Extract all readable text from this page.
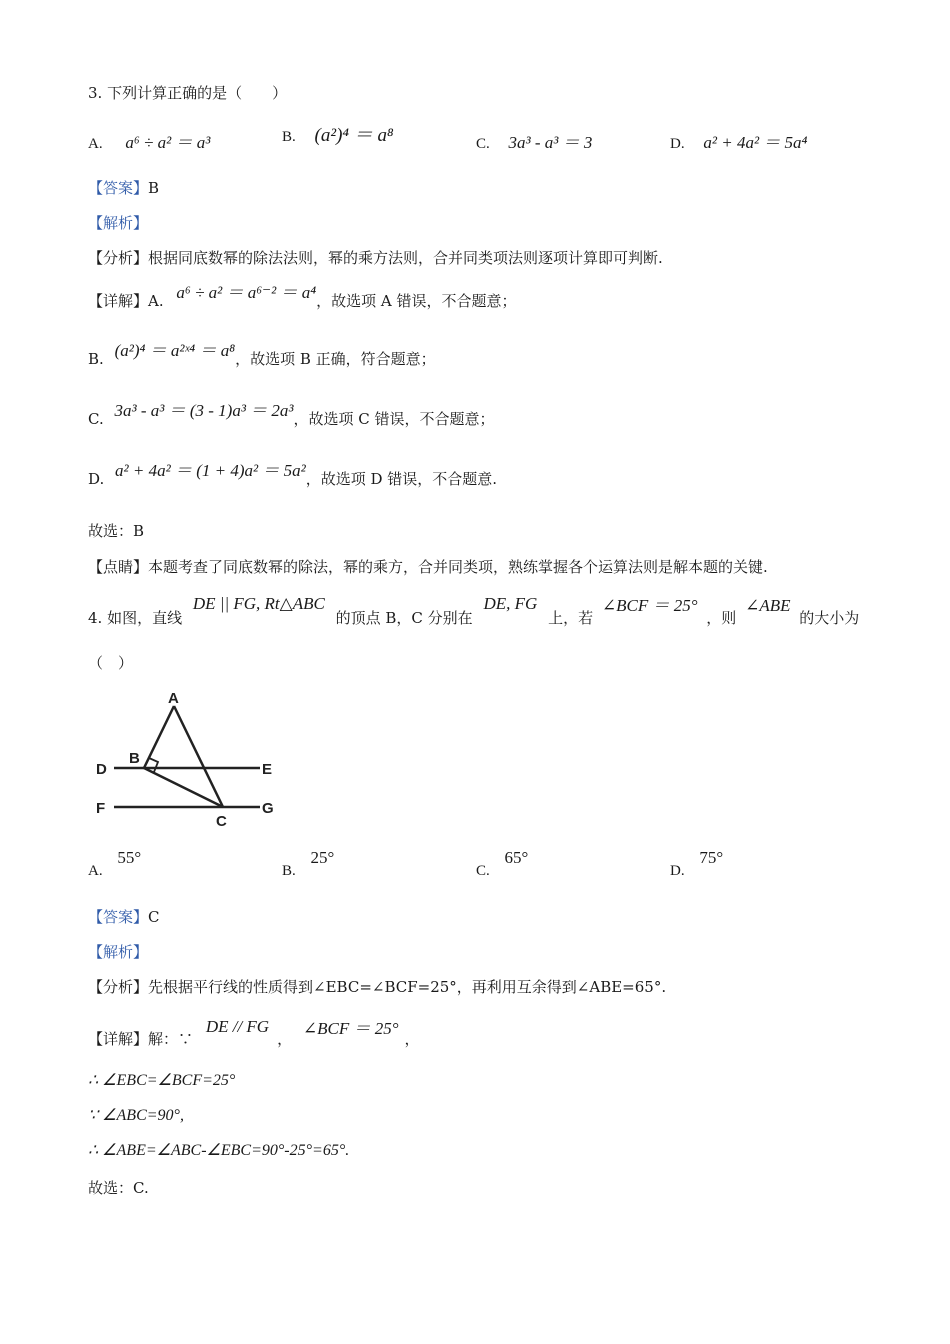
3. 下列计算正确的是（　　）
A. a⁶ ÷ a² ＝ a³	B. (a²)⁴ ＝ a⁸	C. 3a³ - a³ ＝ 3	D. a² + 4a² ＝ 5a⁴
【答案】B
【解析】
【分析】根据同底数幂的除法法则，幂的乘方法则，合并同类项法则逐项计算即可判断.
【详解】A. a⁶ ÷ a² ＝ a⁶⁻² ＝ a⁴，故选项 A 错误，不合题意；
B. (a²)⁴ ＝ a²ˣ⁴ ＝ a⁸，故选项 B 正确，符合题意；
C. 3a³ - a³ ＝ (3 - 1)a³ ＝ 2a³，故选项 C 错误，不合题意；
D. a² + 4a² ＝ (1 + 4)a² ＝ 5a²，故选项 D 错误，不合题意.
故选：B
【点睛】本题考查了同底数幂的除法，幂的乘方，合并同类项，熟练掌握各个运算法则是解本题的关键.
4. 如图，直线 DE || FG, Rt△ABC 的顶点 B，C 分别在 DE, FG 上，若 ∠BCF ＝ 25° ，则 ∠ABE 的大小为
（　）
A
B
C
D	E
F	G
A. 55°
B. 25°
C. 65°
D. 75°
【答案】C
【解析】
【分析】先根据平行线的性质得到∠EBC=∠BCF=25°，再利用互余得到∠ABE=65°.
【详解】解：∵ DE // FG， ∠BCF ＝ 25°，
∴ ∠EBC=∠BCF=25°
∵ ∠ABC=90°,
∴ ∠ABE=∠ABC-∠EBC=90°-25°=65°.
故选：C.
